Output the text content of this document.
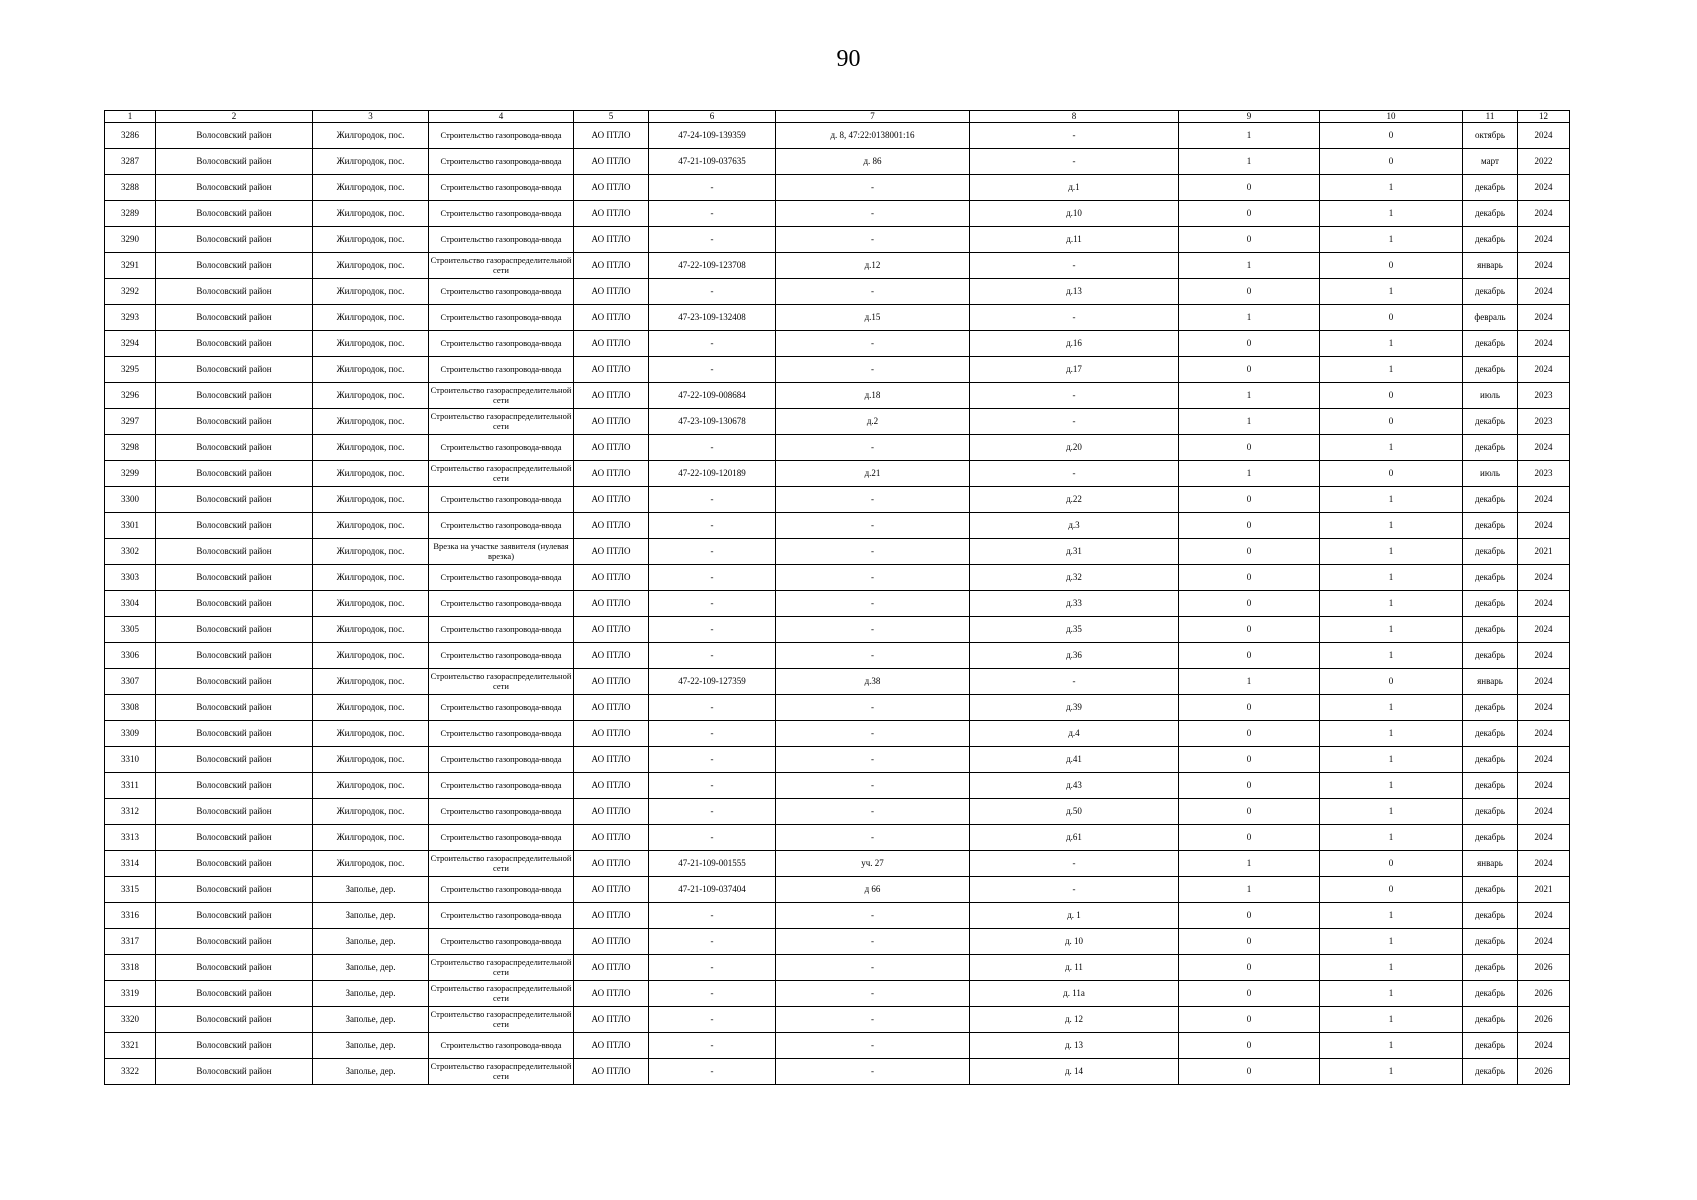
90
1	2	3	4	5	6	7	8	9	10	11	12
3286	Волосовский район	Жилгородок, пос.	Строительство газопровода-ввода	АО ПТЛО	47-24-109-139359	д. 8, 47:22:0138001:16	-	1	0	октябрь	2024
3287	Волосовский район	Жилгородок, пос.	Строительство газопровода-ввода	АО ПТЛО	47-21-109-037635	д. 86	-	1	0	март	2022
3288	Волосовский район	Жилгородок, пос.	Строительство газопровода-ввода	АО ПТЛО	-	-	д.1	0	1	декабрь	2024
3289	Волосовский район	Жилгородок, пос.	Строительство газопровода-ввода	АО ПТЛО	-	-	д.10	0	1	декабрь	2024
3290	Волосовский район	Жилгородок, пос.	Строительство газопровода-ввода	АО ПТЛО	-	-	д.11	0	1	декабрь	2024
3291	Волосовский район	Жилгородок, пос.	Строительство газораспределительной сети	АО ПТЛО	47-22-109-123708	д.12	-	1	0	январь	2024
3292	Волосовский район	Жилгородок, пос.	Строительство газопровода-ввода	АО ПТЛО	-	-	д.13	0	1	декабрь	2024
3293	Волосовский район	Жилгородок, пос.	Строительство газопровода-ввода	АО ПТЛО	47-23-109-132408	д.15	-	1	0	февраль	2024
3294	Волосовский район	Жилгородок, пос.	Строительство газопровода-ввода	АО ПТЛО	-	-	д.16	0	1	декабрь	2024
3295	Волосовский район	Жилгородок, пос.	Строительство газопровода-ввода	АО ПТЛО	-	-	д.17	0	1	декабрь	2024
3296	Волосовский район	Жилгородок, пос.	Строительство газораспределительной сети	АО ПТЛО	47-22-109-008684	д.18	-	1	0	июль	2023
3297	Волосовский район	Жилгородок, пос.	Строительство газораспределительной сети	АО ПТЛО	47-23-109-130678	д.2	-	1	0	декабрь	2023
3298	Волосовский район	Жилгородок, пос.	Строительство газопровода-ввода	АО ПТЛО	-	-	д.20	0	1	декабрь	2024
3299	Волосовский район	Жилгородок, пос.	Строительство газораспределительной сети	АО ПТЛО	47-22-109-120189	д.21	-	1	0	июль	2023
3300	Волосовский район	Жилгородок, пос.	Строительство газопровода-ввода	АО ПТЛО	-	-	д.22	0	1	декабрь	2024
3301	Волосовский район	Жилгородок, пос.	Строительство газопровода-ввода	АО ПТЛО	-	-	д.3	0	1	декабрь	2024
3302	Волосовский район	Жилгородок, пос.	Врезка на участке заявителя (нулевая врезка)	АО ПТЛО	-	-	д.31	0	1	декабрь	2021
3303	Волосовский район	Жилгородок, пос.	Строительство газопровода-ввода	АО ПТЛО	-	-	д.32	0	1	декабрь	2024
3304	Волосовский район	Жилгородок, пос.	Строительство газопровода-ввода	АО ПТЛО	-	-	д.33	0	1	декабрь	2024
3305	Волосовский район	Жилгородок, пос.	Строительство газопровода-ввода	АО ПТЛО	-	-	д.35	0	1	декабрь	2024
3306	Волосовский район	Жилгородок, пос.	Строительство газопровода-ввода	АО ПТЛО	-	-	д.36	0	1	декабрь	2024
3307	Волосовский район	Жилгородок, пос.	Строительство газораспределительной сети	АО ПТЛО	47-22-109-127359	д.38	-	1	0	январь	2024
3308	Волосовский район	Жилгородок, пос.	Строительство газопровода-ввода	АО ПТЛО	-	-	д.39	0	1	декабрь	2024
3309	Волосовский район	Жилгородок, пос.	Строительство газопровода-ввода	АО ПТЛО	-	-	д.4	0	1	декабрь	2024
3310	Волосовский район	Жилгородок, пос.	Строительство газопровода-ввода	АО ПТЛО	-	-	д.41	0	1	декабрь	2024
3311	Волосовский район	Жилгородок, пос.	Строительство газопровода-ввода	АО ПТЛО	-	-	д.43	0	1	декабрь	2024
3312	Волосовский район	Жилгородок, пос.	Строительство газопровода-ввода	АО ПТЛО	-	-	д.50	0	1	декабрь	2024
3313	Волосовский район	Жилгородок, пос.	Строительство газопровода-ввода	АО ПТЛО	-	-	д.61	0	1	декабрь	2024
3314	Волосовский район	Жилгородок, пос.	Строительство газораспределительной сети	АО ПТЛО	47-21-109-001555	уч. 27	-	1	0	январь	2024
3315	Волосовский район	Заполье, дер.	Строительство газопровода-ввода	АО ПТЛО	47-21-109-037404	д 66	-	1	0	декабрь	2021
3316	Волосовский район	Заполье, дер.	Строительство газопровода-ввода	АО ПТЛО	-	-	д. 1	0	1	декабрь	2024
3317	Волосовский район	Заполье, дер.	Строительство газопровода-ввода	АО ПТЛО	-	-	д. 10	0	1	декабрь	2024
3318	Волосовский район	Заполье, дер.	Строительство газораспределительной сети	АО ПТЛО	-	-	д. 11	0	1	декабрь	2026
3319	Волосовский район	Заполье, дер.	Строительство газораспределительной сети	АО ПТЛО	-	-	д. 11а	0	1	декабрь	2026
3320	Волосовский район	Заполье, дер.	Строительство газораспределительной сети	АО ПТЛО	-	-	д. 12	0	1	декабрь	2026
3321	Волосовский район	Заполье, дер.	Строительство газопровода-ввода	АО ПТЛО	-	-	д. 13	0	1	декабрь	2024
3322	Волосовский район	Заполье, дер.	Строительство газораспределительной сети	АО ПТЛО	-	-	д. 14	0	1	декабрь	2026
